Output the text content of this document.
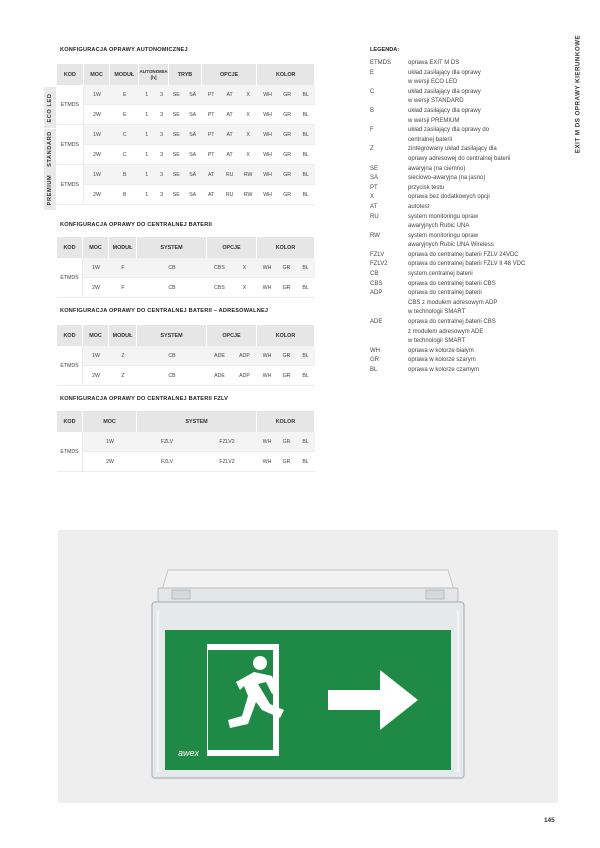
EXIT M DS OPRAWY KIERUNKOWE
KONFIGURACJA OPRAWY AUTONOMICZNEJ
ECO LED
STANDARD
PREMIUM
KOD	MOC	MODUŁ	AUTONOMIA [h]		TRYB		OPCJE			KOLOR		
ETMDS	1W	E	1	3	SE	SA	PT	AT	X	WH	GR	BL
	2W	E	1	3	SE	SA	PT	AT	X	WH	GR	BL
ETMDS	1W	C	1	3	SE	SA	PT	AT	X	WH	GR	BL
	2W	C	1	3	SE	SA	PT	AT	X	WH	GR	BL
ETMDS	1W	B	1	3	SE	SA	AT	RU	RW	WH	GR	BL
	2W	B	1	3	SE	SA	AT	RU	RW	WH	GR	BL
KONFIGURACJA OPRAWY DO CENTRALNEJ BATERII
KOD	MOC	MODUŁ	SYSTEM	OPCJE		KOLOR		
ETMDS	1W	F	CB	CBS	X	WH	GR	BL
	2W	F	CB	CBS	X	WH	GR	BL
KONFIGURACJA OPRAWY DO CENTRALNEJ BATERII – ADRESOWALNEJ
KOD	MOC	MODUŁ	SYSTEM	OPCJE		KOLOR		
ETMDS	1W	Z	CB	ADE	ADP	WH	GR	BL
	2W	Z	CB	ADE	ADP	WH	GR	BL
KONFIGURACJA OPRAWY DO CENTRALNEJ BATERII FZLV
KOD	MOC	SYSTEM		KOLOR		
ETMDS	1W	FZLV	FZLV2	WH	GR	BL
	2W	FZLV	FZLV2	WH	GR	BL
LEGENDA:
ETMDS	oprawa EXIT M DS
E	układ zasilający dla oprawy
w wersji ECO LED
C	układ zasilający dla oprawy
w wersji STANDARD
B	układ zasilający dla oprawy
w wersji PREMIUM
F	układ zasilający dla oprawy do
centralnej baterii
Z	zintegrowany układ zasilający dla
oprawy adresowej do centralnej baterii
SE	awaryjna (na ciemno)
SA	sieciowo-awaryjna (na jasno)
PT	przycisk testu
X	oprawa bez dodatkowych opcji
AT	autotest
RU	system monitoringu opraw
awaryjnych Rubic UNA
RW	system monitoringu opraw
awaryjnych Rubic UNA Wireless
FZLV	oprawa do centralnej baterii FZLV 24VDC
FZLV2	oprawa do centralnej baterii FZLV II 48 VDC
CB	system centralnej baterii
CBS	oprawa do centralnej baterii CBS
ADP	oprawa do centralnej baterii
CBS z modułem adresowym ADP
w technologii SMART
ADE	oprawa do centralnej baterii CBS
z modułem adresowym ADE
w technologii SMART
WH	oprawa w kolorze białym
GR	oprawa w kolorze szarym
BL	oprawa w kolorze czarnym
awex
145
